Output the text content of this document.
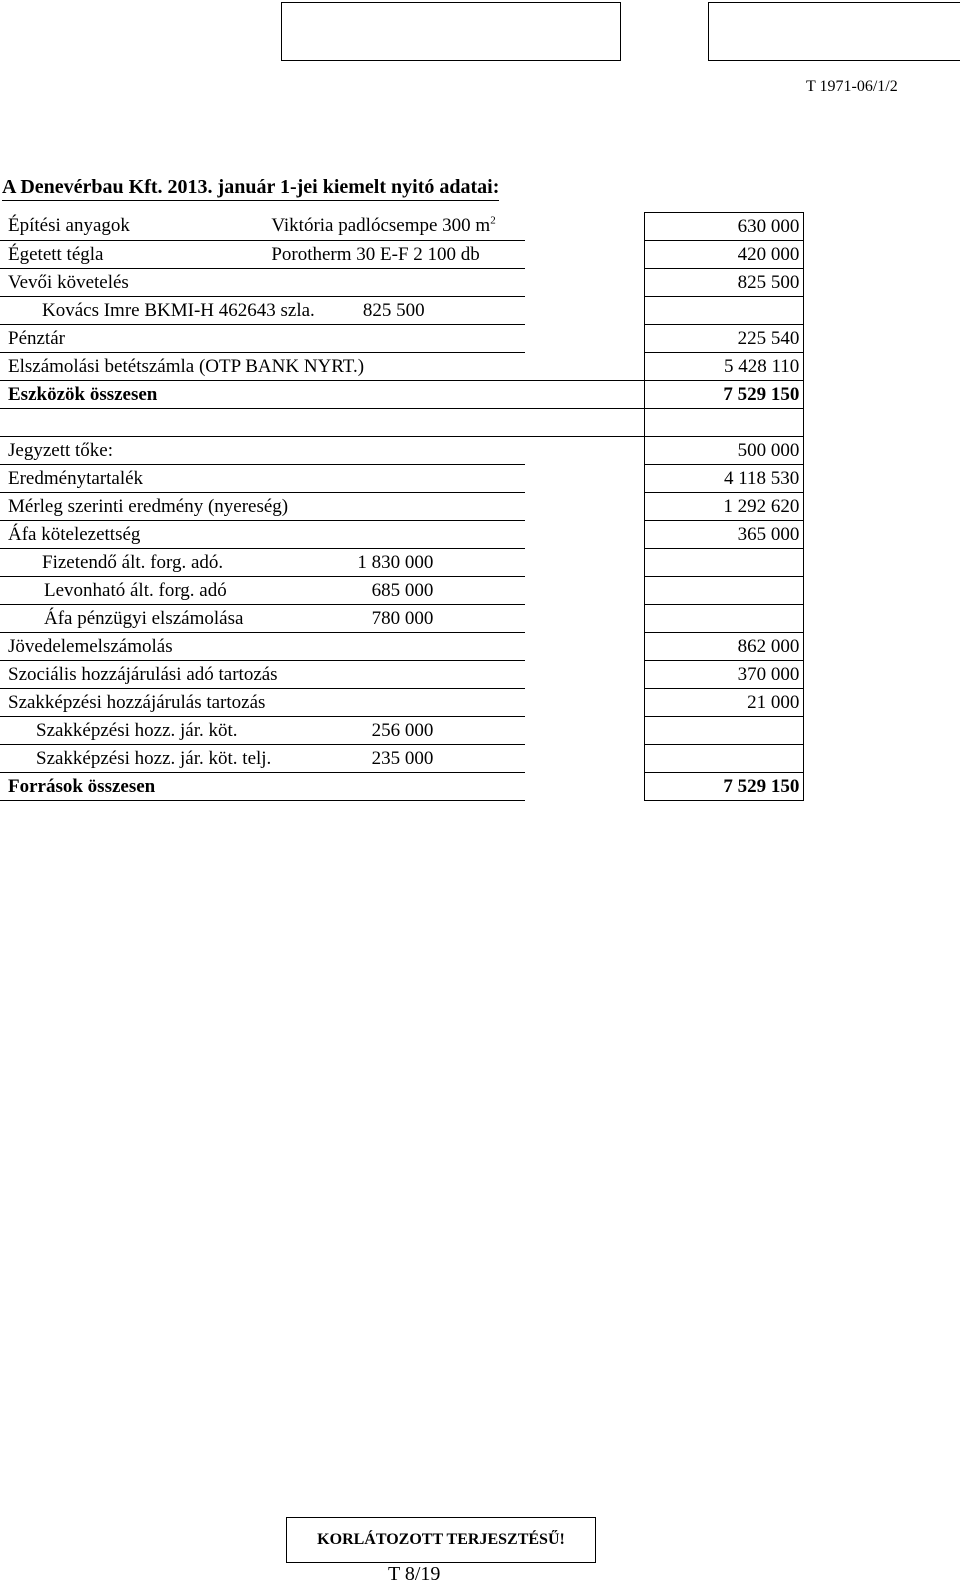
T 1971-06/1/2
A Denevérbau Kft. 2013. január 1-jei kiemelt nyitó adatai:
Építési anyagok	Viktória padlócsempe 300 $m^2$		630 000
Égetett tégla	Porotherm 30 E-F 2 100 db		420 000
Vevői követelés			825 500
Kovács Imre BKMI-H 462643 szla. 825 500			
Pénztár			225 540
Elszámolási betétszámla (OTP BANK NYRT.)			5 428 110
Eszközök összesen			7 529 150

Jegyzett tőke:			500 000
Eredménytartalék			4 118 530
Mérleg szerinti eredmény (nyereség)			1 292 620
Áfa kötelezettség			365 000
Fizetendő ált. forg. adó.	1 830 000		
Levonható ált. forg. adó	685 000		
Áfa pénzügyi elszámolása	780 000		
Jövedelemelszámolás			862 000
Szociális hozzájárulási adó tartozás			370 000
Szakképzési hozzájárulás tartozás			21 000
Szakképzési hozz. jár. köt.	256 000		
Szakképzési hozz. jár. köt. telj.	235 000		
Források összesen			7 529 150
KORLÁTOZOTT TERJESZTÉSŰ!
T 8/19
